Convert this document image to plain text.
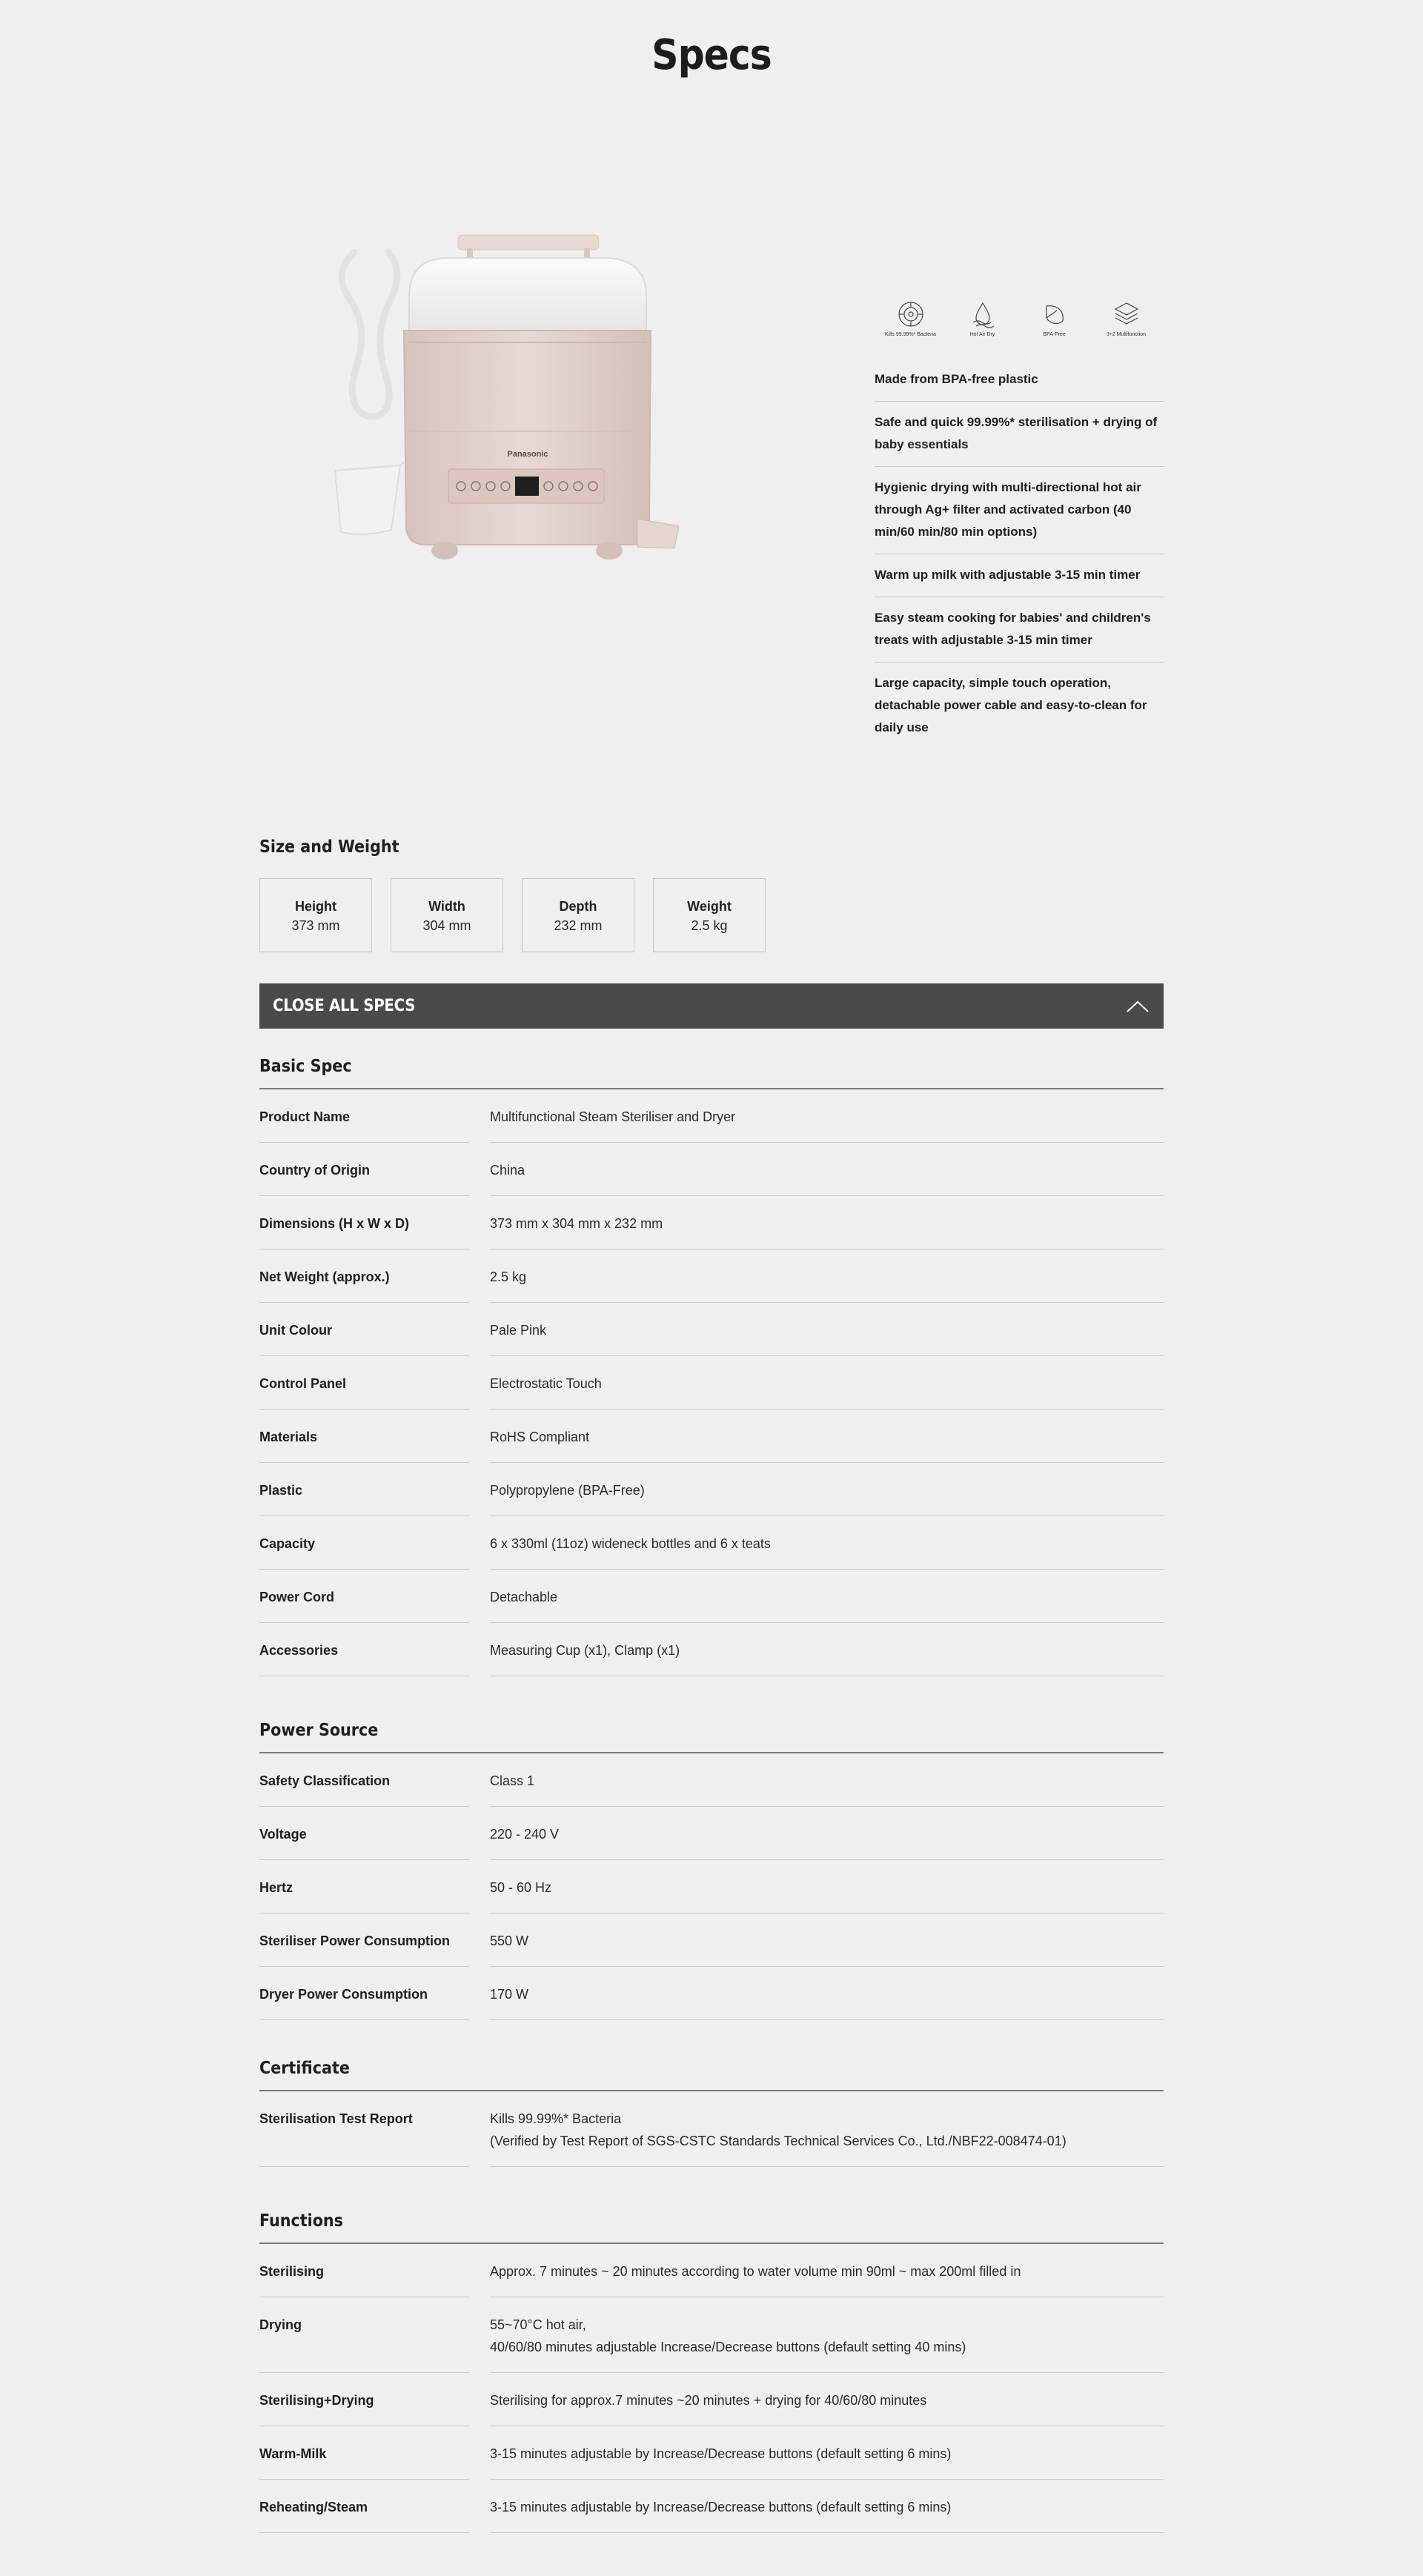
Specs
Panasonic
Kills 99.99%* Bacteria	Hot Air Dry	BPA-Free	3+2 Multifunction
Made from BPA-free plastic
Safe and quick 99.99%* sterilisation + drying of baby essentials
Hygienic drying with multi-directional hot air through Ag+ filter and activated carbon (40 min/60 min/80 min options)
Warm up milk with adjustable 3-15 min timer
Easy steam cooking for babies' and children's treats with adjustable 3-15 min timer
Large capacity, simple touch operation, detachable power cable and easy-to-clean for daily use
Size and Weight
Height
373 mm
Width
304 mm
Depth
232 mm
Weight
2.5 kg
CLOSE ALL SPECS
Basic Spec
Product Name	Multifunctional Steam Steriliser and Dryer
Country of Origin	China
Dimensions (H x W x D)	373 mm x 304 mm x 232 mm
Net Weight (approx.)	2.5 kg
Unit Colour	Pale Pink
Control Panel	Electrostatic Touch
Materials	RoHS Compliant
Plastic	Polypropylene (BPA-Free)
Capacity	6 x 330ml (11oz) wideneck bottles and 6 x teats
Power Cord	Detachable
Accessories	Measuring Cup (x1), Clamp (x1)
Power Source
Safety Classification	Class 1
Voltage	220 - 240 V
Hertz	50 - 60 Hz
Steriliser Power Consumption	550 W
Dryer Power Consumption	170 W
Certificate
Sterilisation Test Report	Kills 99.99%* Bacteria
(Verified by Test Report of SGS-CSTC Standards Technical Services Co., Ltd./NBF22-008474-01)
Functions
Sterilising	Approx. 7 minutes ~ 20 minutes according to water volume min 90ml ~ max 200ml filled in
Drying	55~70°C hot air,
40/60/80 minutes adjustable Increase/Decrease buttons (default setting 40 mins)
Sterilising+Drying	Sterilising for approx.7 minutes ~20 minutes + drying for 40/60/80 minutes
Warm-Milk	3-15 minutes adjustable by Increase/Decrease buttons (default setting 6 mins)
Reheating/Steam	3-15 minutes adjustable by Increase/Decrease buttons (default setting 6 mins)
